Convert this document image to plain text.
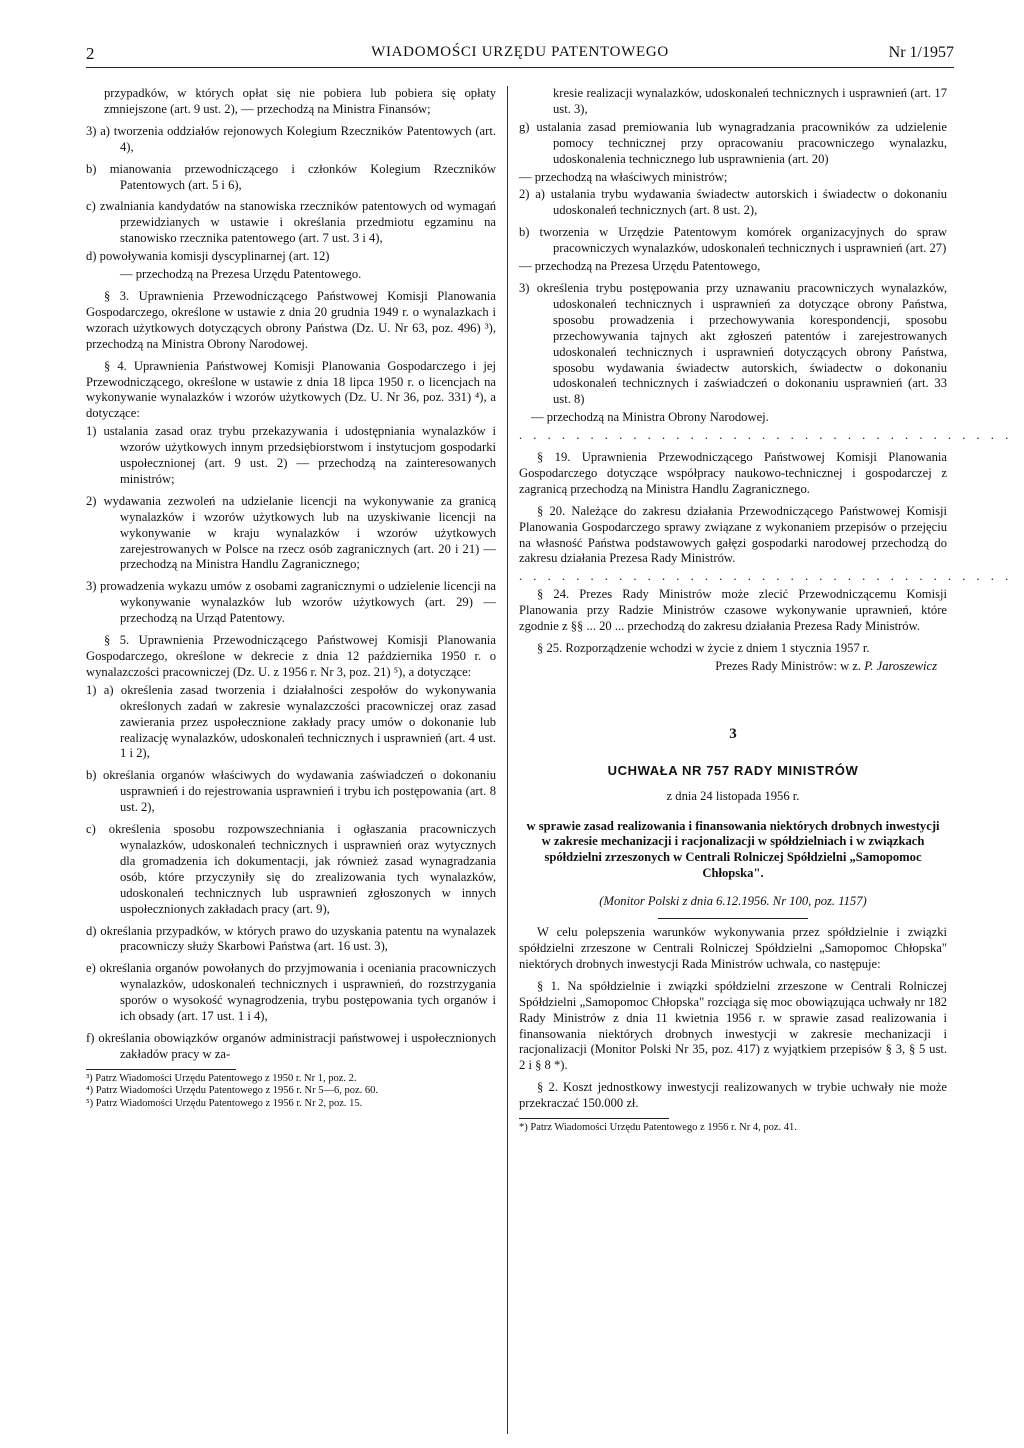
2	WIADOMOŚCI URZĘDU PATENTOWEGO	Nr 1/1957

przypadków, w których opłat się nie pobiera lub pobiera się opłaty zmniejszone (art. 9 ust. 2), — przechodzą na Ministra Finansów;

3) a) tworzenia oddziałów rejonowych Kolegium Rzeczników Patentowych (art. 4),

b) mianowania przewodniczącego i członków Kolegium Rzeczników Patentowych (art. 5 i 6),

c) zwalniania kandydatów na stanowiska rzeczników patentowych od wymagań przewidzianych w ustawie i określania przedmiotu egzaminu na stanowisko rzecznika patentowego (art. 7 ust. 3 i 4),

d) powoływania komisji dyscyplinarnej (art. 12)

— przechodzą na Prezesa Urzędu Patentowego.

§ 3. Uprawnienia Przewodniczącego Państwowej Komisji Planowania Gospodarczego, określone w ustawie z dnia 20 grudnia 1949 r. o wynalazkach i wzorach użytkowych dotyczących obrony Państwa (Dz. U. Nr 63, poz. 496) ³), przechodzą na Ministra Obrony Narodowej.

§ 4. Uprawnienia Państwowej Komisji Planowania Gospodarczego i jej Przewodniczącego, określone w ustawie z dnia 18 lipca 1950 r. o licencjach na wykonywanie wynalazków i wzorów użytkowych (Dz. U. Nr 36, poz. 331) ⁴), a dotyczące:

1) ustalania zasad oraz trybu przekazywania i udostępniania wynalazków i wzorów użytkowych innym przedsiębiorstwom i instytucjom gospodarki uspołecznionej (art. 9 ust. 2) — przechodzą na zainteresowanych ministrów;

2) wydawania zezwoleń na udzielanie licencji na wykonywanie za granicą wynalazków i wzorów użytkowych lub na uzyskiwanie licencji na wykonywanie w kraju wynalazków i wzorów użytkowych zarejestrowanych w Polsce na rzecz osób zagranicznych (art. 20 i 21) — przechodzą na Ministra Handlu Zagranicznego;

3) prowadzenia wykazu umów z osobami zagranicznymi o udzielenie licencji na wykonywanie wynalazków lub wzorów użytkowych (art. 29) — przechodzą na Urząd Patentowy.

§ 5. Uprawnienia Przewodniczącego Państwowej Komisji Planowania Gospodarczego, określone w dekrecie z dnia 12 października 1950 r. o wynalazczości pracowniczej (Dz. U. z 1956 r. Nr 3, poz. 21) ⁵), a dotyczące:

1) a) określenia zasad tworzenia i działalności zespołów do wykonywania określonych zadań w zakresie wynalazczości pracowniczej oraz zasad zawierania przez uspołecznione zakłady pracy umów o dokonanie lub realizację wynalazków, udoskonaleń technicznych i usprawnień (art. 4 ust. 1 i 2),

b) określania organów właściwych do wydawania zaświadczeń o dokonaniu usprawnień i do rejestrowania usprawnień i trybu ich postępowania (art. 8 ust. 2),

c) określenia sposobu rozpowszechniania i ogłaszania pracowniczych wynalazków, udoskonaleń technicznych i usprawnień oraz wytycznych dla gromadzenia ich dokumentacji, jak również zasad wynagradzania osób, które przyczyniły się do zrealizowania tych wynalazków, udoskonaleń technicznych lub usprawnień zgłoszonych w innych uspołecznionych zakładach pracy (art. 9),

d) określania przypadków, w których prawo do uzyskania patentu na wynalazek pracowniczy służy Skarbowi Państwa (art. 16 ust. 3),

e) określania organów powołanych do przyjmowania i oceniania pracowniczych wynalazków, udoskonaleń technicznych i usprawnień, do rozstrzygania sporów o wysokość wynagrodzenia, trybu postępowania tych organów i ich obsady (art. 17 ust. 1 i 4),

f) określania obowiązków organów administracji państwowej i uspołecznionych zakładów pracy w za-

³) Patrz Wiadomości Urzędu Patentowego z 1950 r. Nr 1, poz. 2.

⁴) Patrz Wiadomości Urzędu Patentowego z 1956 r. Nr 5—6, poz. 60.

⁵) Patrz Wiadomości Urzędu Patentowego z 1956 r. Nr 2, poz. 15.

kresie realizacji wynalazków, udoskonaleń technicznych i usprawnień (art. 17 ust. 3),

g) ustalania zasad premiowania lub wynagradzania pracowników za udzielenie pomocy technicznej przy opracowaniu pracowniczego wynalazku, udoskonalenia technicznego lub usprawnienia (art. 20)

— przechodzą na właściwych ministrów;

2) a) ustalania trybu wydawania świadectw autorskich i świadectw o dokonaniu udoskonaleń technicznych (art. 8 ust. 2),

b) tworzenia w Urzędzie Patentowym komórek organizacyjnych do spraw pracowniczych wynalazków, udoskonaleń technicznych i usprawnień (art. 27)

— przechodzą na Prezesa Urzędu Patentowego,

3) określenia trybu postępowania przy uznawaniu pracowniczych wynalazków, udoskonaleń technicznych i usprawnień za dotyczące obrony Państwa, sposobu prowadzenia i przechowywania korespondencji, sposobu przechowywania tajnych akt zgłoszeń patentów i zarejestrowanych udoskonaleń technicznych i usprawnień dotyczących obrony Państwa, sposobu wydawania świadectw autorskich, świadectw o dokonaniu udoskonaleń technicznych i zaświadczeń o dokonaniu usprawnień (art. 33 ust. 8)

— przechodzą na Ministra Obrony Narodowej.

. . . . . . . . . . . . . . . . . . . . . . . . . . . . . . . . . . .

§ 19. Uprawnienia Przewodniczącego Państwowej Komisji Planowania Gospodarczego dotyczące współpracy naukowo-technicznej i gospodarczej z zagranicą przechodzą na Ministra Handlu Zagranicznego.

§ 20. Należące do zakresu działania Przewodniczącego Państwowej Komisji Planowania Gospodarczego sprawy związane z wykonaniem przepisów o przejęciu na własność Państwa podstawowych gałęzi gospodarki narodowej przechodzą do zakresu działania Prezesa Rady Ministrów.

. . . . . . . . . . . . . . . . . . . . . . . . . . . . . . . . . . .

§ 24. Prezes Rady Ministrów może zlecić Przewodniczącemu Komisji Planowania przy Radzie Ministrów czasowe wykonywanie uprawnień, które zgodnie z §§ ... 20 ... przechodzą do zakresu działania Prezesa Rady Ministrów.

§ 25. Rozporządzenie wchodzi w życie z dniem 1 stycznia 1957 r.

Prezes Rady Ministrów: w z. P. Jaroszewicz

3

UCHWAŁA NR 757 RADY MINISTRÓW

z dnia 24 listopada 1956 r.

w sprawie zasad realizowania i finansowania niektórych drobnych inwestycji w zakresie mechanizacji i racjonalizacji w spółdzielniach i w związkach spółdzielni zrzeszonych w Centrali Rolniczej Spółdzielni „Samopomoc Chłopska".

(Monitor Polski z dnia 6.12.1956. Nr 100, poz. 1157)

W celu polepszenia warunków wykonywania przez spółdzielnie i związki spółdzielni zrzeszone w Centrali Rolniczej Spółdzielni „Samopomoc Chłopska" niektórych drobnych inwestycji Rada Ministrów uchwala, co następuje:

§ 1. Na spółdzielnie i związki spółdzielni zrzeszone w Centrali Rolniczej Spółdzielni „Samopomoc Chłopska" rozciąga się moc obowiązująca uchwały nr 182 Rady Ministrów z dnia 11 kwietnia 1956 r. w sprawie zasad realizowania i finansowania niektórych drobnych inwestycji w zakresie mechanizacji i racjonalizacji (Monitor Polski Nr 35, poz. 417) z wyjątkiem przepisów § 3, § 5 ust. 2 i § 8 *).

§ 2. Koszt jednostkowy inwestycji realizowanych w trybie uchwały nie może przekraczać 150.000 zł.

*) Patrz Wiadomości Urzędu Patentowego z 1956 r. Nr 4, poz. 41.
